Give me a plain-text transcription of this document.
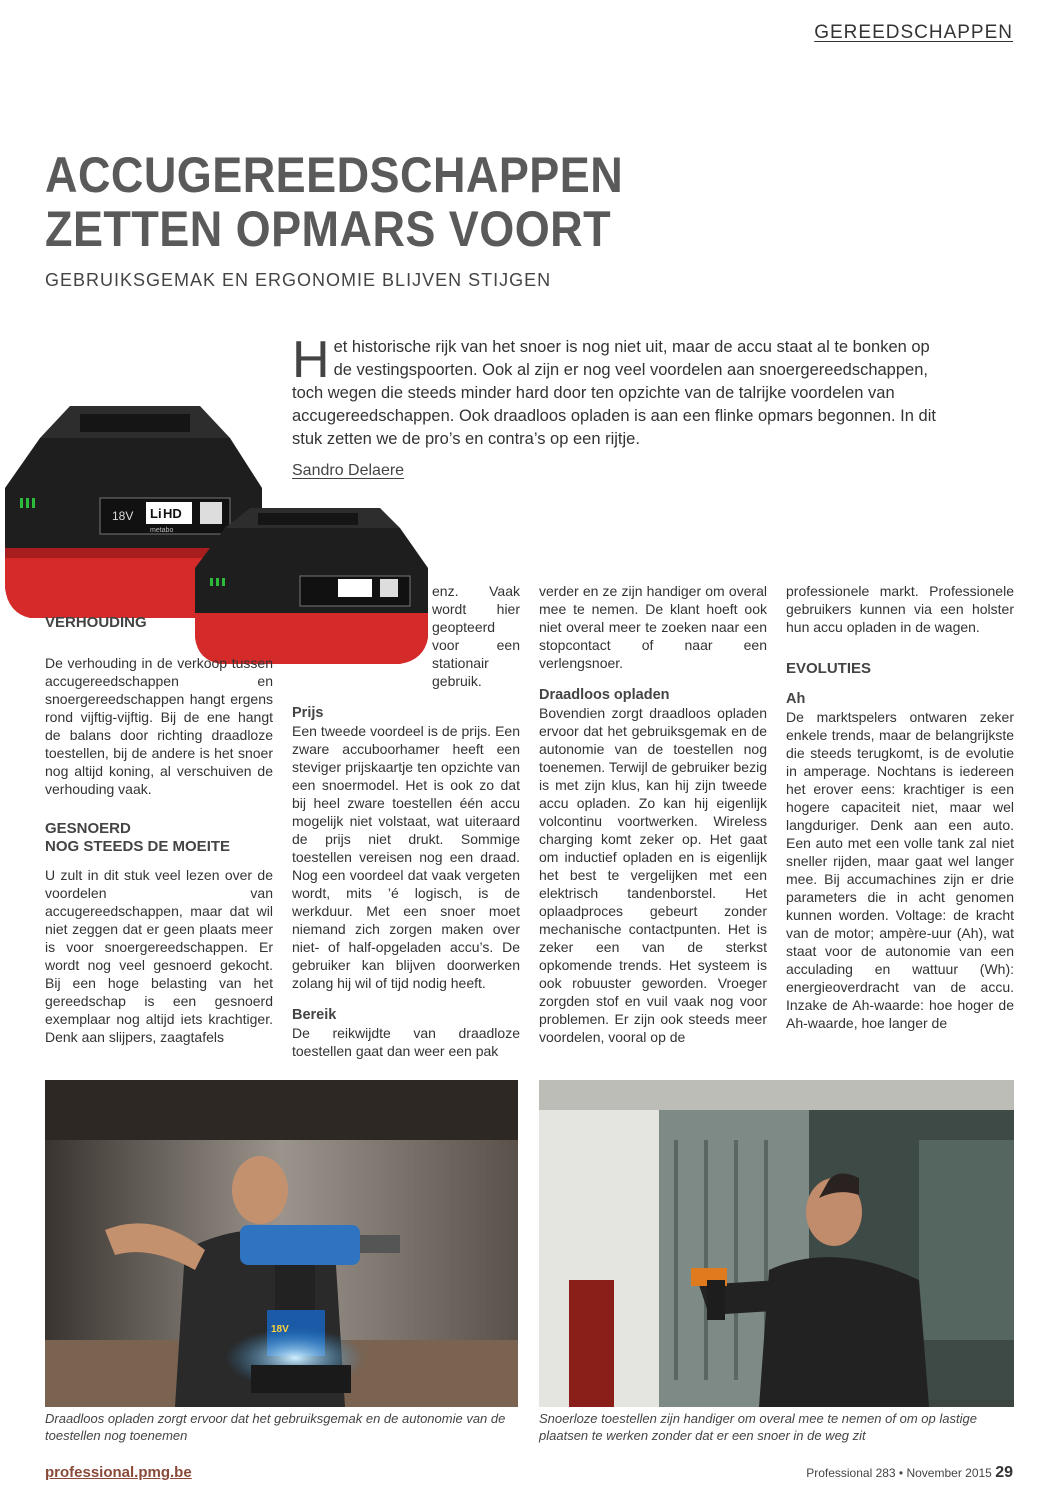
GEREEDSCHAPPEN
ACCUGEREEDSCHAPPEN
ZETTEN OPMARS VOORT
GEBRUIKSGEMAK EN ERGONOMIE BLIJVEN STIJGEN
H et historische rijk van het snoer is nog niet uit, maar de accu staat al te bonken op de vestingspoorten. Ook al zijn er nog veel voordelen aan snoergereedschappen, toch wegen die steeds minder hard door ten opzichte van de talrijke voordelen van accugereedschappen. Ook draadloos opladen is aan een flinke opmars begonnen. In dit stuk zetten we de pro’s en contra’s op een rijtje.
Sandro Delaere
18V Li HD
metabo

VERHOUDING

De verhouding in de verkoop tussen accugereedschappen en snoergereedschappen hangt ergens rond vijftig-vijftig. Bij de ene hangt de balans door richting draadloze toestellen, bij de andere is het snoer nog altijd koning, al verschuiven de verhouding vaak.

GESNOERD
NOG STEEDS DE MOEITE

U zult in dit stuk veel lezen over de voordelen van accugereedschappen, maar dat wil niet zeggen dat er geen plaats meer is voor snoergereedschappen. Er wordt nog veel gesnoerd gekocht. Bij een hoge belasting van het gereedschap is een gesnoerd exemplaar nog altijd iets krachtiger. Denk aan slijpers, zaagtafels

enz. Vaak wordt hier geopteerd voor een stationair gebruik.

Prijs

Een tweede voordeel is de prijs. Een zware accuboorhamer heeft een steviger prijskaartje ten opzichte van een snoermodel. Het is ook zo dat bij heel zware toestellen één accu mogelijk niet volstaat, wat uiteraard de prijs niet drukt. Sommige toestellen vereisen nog een draad. Nog een voordeel dat vaak vergeten wordt, mits ’é logisch, is de werkduur. Met een snoer moet niemand zich zorgen maken over niet- of half-opgeladen accu’s. De gebruiker kan blijven doorwerken zolang hij wil of tijd nodig heeft.

Bereik

De reikwijdte van draadloze toestellen gaat dan weer een pak

verder en ze zijn handiger om overal mee te nemen. De klant hoeft ook niet overal meer te zoeken naar een stopcontact of naar een verlengsnoer.

Draadloos opladen

Bovendien zorgt draadloos opladen ervoor dat het gebruiksgemak en de autonomie van de toestellen nog toenemen. Terwijl de gebruiker bezig is met zijn klus, kan hij zijn tweede accu opladen. Zo kan hij eigenlijk volcontinu voortwerken. Wireless charging komt zeker op. Het gaat om inductief opladen en is eigenlijk het best te vergelijken met een elektrisch tandenborstel. Het oplaadproces gebeurt zonder mechanische contactpunten. Het is zeker een van de sterkst opkomende trends. Het systeem is ook robuuster geworden. Vroeger zorgden stof en vuil vaak nog voor problemen. Er zijn ook steeds meer voordelen, vooral op de

professionele markt. Professionele gebruikers kunnen via een holster hun accu opladen in de wagen.

EVOLUTIES

Ah

De marktspelers ontwaren zeker enkele trends, maar de belangrijkste die steeds terugkomt, is de evolutie in amperage. Nochtans is iedereen het erover eens: krachtiger is een hogere capaciteit niet, maar wel langduriger. Denk aan een auto. Een auto met een volle tank zal niet sneller rijden, maar gaat wel langer mee. Bij accumachines zijn er drie parameters die in acht genomen kunnen worden. Voltage: de kracht van de motor; ampère-uur (Ah), wat staat voor de autonomie van een acculading en wattuur (Wh): energieoverdracht van de accu. Inzake de Ah-waarde: hoe hoger de Ah-waarde, hoe langer de

18V
Draadloos opladen zorgt ervoor dat het gebruiksgemak en de autonomie van de toestellen nog toenemen
Snoerloze toestellen zijn handiger om overal mee te nemen of om op lastige plaatsen te werken zonder dat er een snoer in de weg zit
professional.pmg.be	Professional 283 • November 2015 29
